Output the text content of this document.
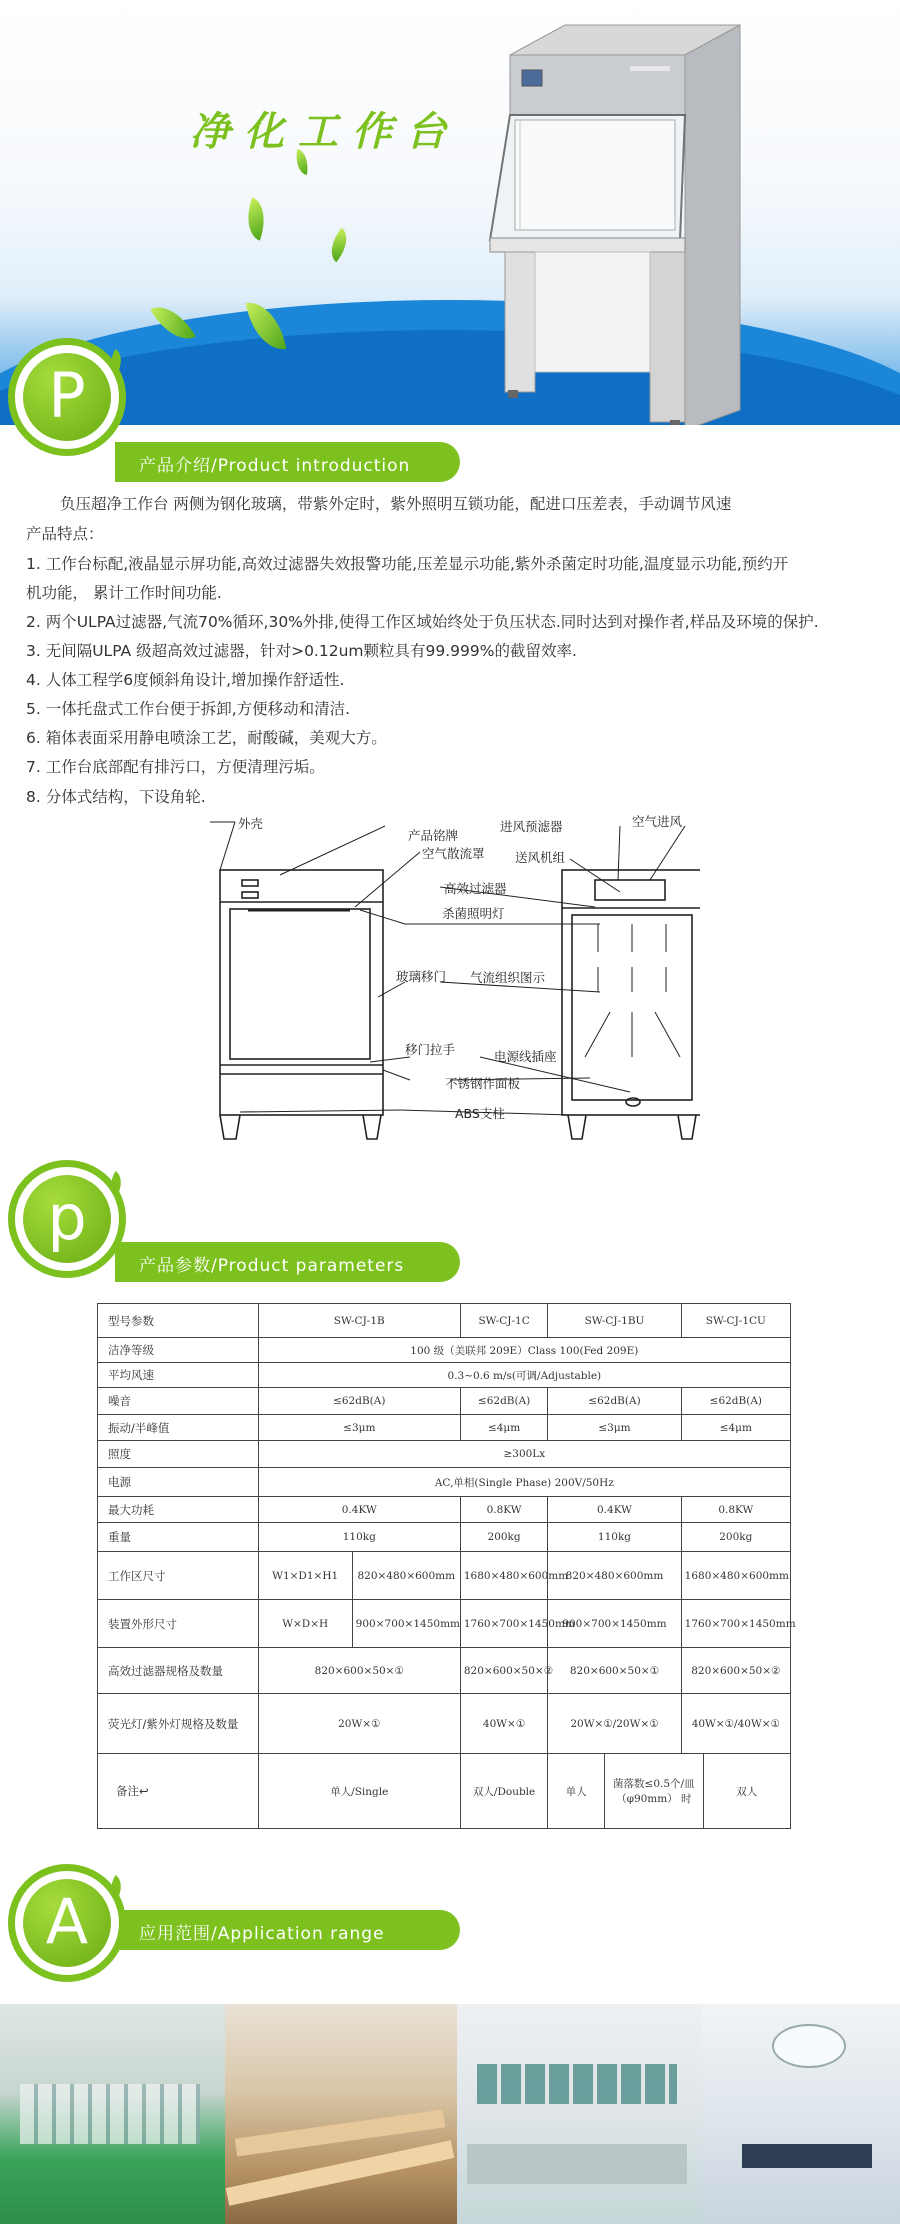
净化工作台
产品介绍/Product introduction
P
负压超净工作台 两侧为钢化玻璃，带紫外定时，紫外照明互锁功能，配进口压差表，手动调节风速
产品特点：
1. 工作台标配,液晶显示屏功能,高效过滤器失效报警功能,压差显示功能,紫外杀菌定时功能,温度显示功能,预约开
机功能， 累计工作时间功能.
2. 两个ULPA过滤器,气流70%循环,30%外排,使得工作区域始终处于负压状态.同时达到对操作者,样品及环境的保护.
3. 无间隔ULPA 级超高效过滤器，针对>0.12um颗粒具有99.999%的截留效率.
4. 人体工程学6度倾斜角设计,增加操作舒适性.
5. 一体托盘式工作台便于拆卸,方便移动和清洁.
6. 箱体表面采用静电喷涂工艺，耐酸碱，美观大方。
7. 工作台底部配有排污口，方便清理污垢。
8. 分体式结构，下设角轮.
外壳
产品铭牌
空气散流罩
高效过滤器
杀菌照明灯
玻璃移门 气流组织图示
移门拉手	电源线插座
不锈钢作面板
ABS支柱
进风预滤器	空气进风
送风机组
产品参数/Product parameters
p
型号参数	SW-CJ-1B		SW-CJ-1C	SW-CJ-1BU		SW-CJ-1CU	
洁净等级	100 级（美联邦 209E）Class 100(Fed 209E)						
平均风速	0.3~0.6 m/s(可调/Adjustable)						
噪音	≤62dB(A)		≤62dB(A)	≤62dB(A)		≤62dB(A)	
振动/半峰值	≤3μm		≤4μm	≤3μm		≤4μm	
照度	≥300Lx						
电源	AC,单相(Single Phase) 200V/50Hz						
最大功耗	0.4KW		0.8KW	0.4KW		0.8KW	
重量	110kg		200kg	110kg		200kg	
工作区尺寸	W1×D1×H1	820×480×600mm	1680×480×600mm	820×480×600mm		1680×480×600mm	
装置外形尺寸	W×D×H	900×700×1450mm	1760×700×1450mm	900×700×1450mm		1760×700×1450mm	
高效过滤器规格及数量	820×600×50×①		820×600×50×②	820×600×50×①		820×600×50×②	
荧光灯/紫外灯规格及数量	20W×①		40W×①	20W×①/20W×①		40W×①/40W×①	
备注↩	单人/Single		双人/Double	单人	菌落数≤0.5个/皿（φ90mm） 时		双人
应用范围/Application range
A
